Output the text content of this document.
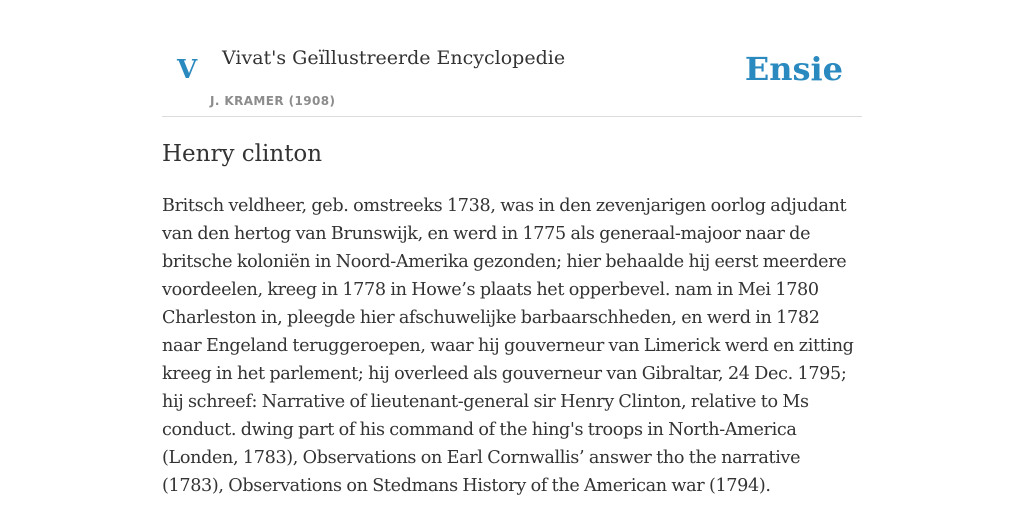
V Vivat's Geïllustreerde Encyclopedie
J. KRAMER (1908)
Ensie
Henry clinton

Britsch veldheer, geb. omstreeks 1738, was in den zevenjarigen oorlog adjudant van den hertog van Brunswijk, en werd in 1775 als generaal-majoor naar de britsche koloniën in Noord-Amerika gezonden; hier behaalde hij eerst meerdere voordeelen, kreeg in 1778 in Howe’s plaats het opperbevel. nam in Mei 1780 Charleston in, pleegde hier afschuwelijke barbaarschheden, en werd in 1782 naar Engeland teruggeroepen, waar hij gouverneur van Limerick werd en zitting kreeg in het parlement; hij overleed als gouverneur van Gibraltar, 24 Dec. 1795; hij schreef: Narrative of lieutenant-general sir Henry Clinton, relative to Ms conduct. dwing part of his command of the hing's troops in North-America (Londen, 1783), Observations on Earl Cornwallis’ answer tho the narrative (1783), Observations on Stedmans History of the American war (1794).
